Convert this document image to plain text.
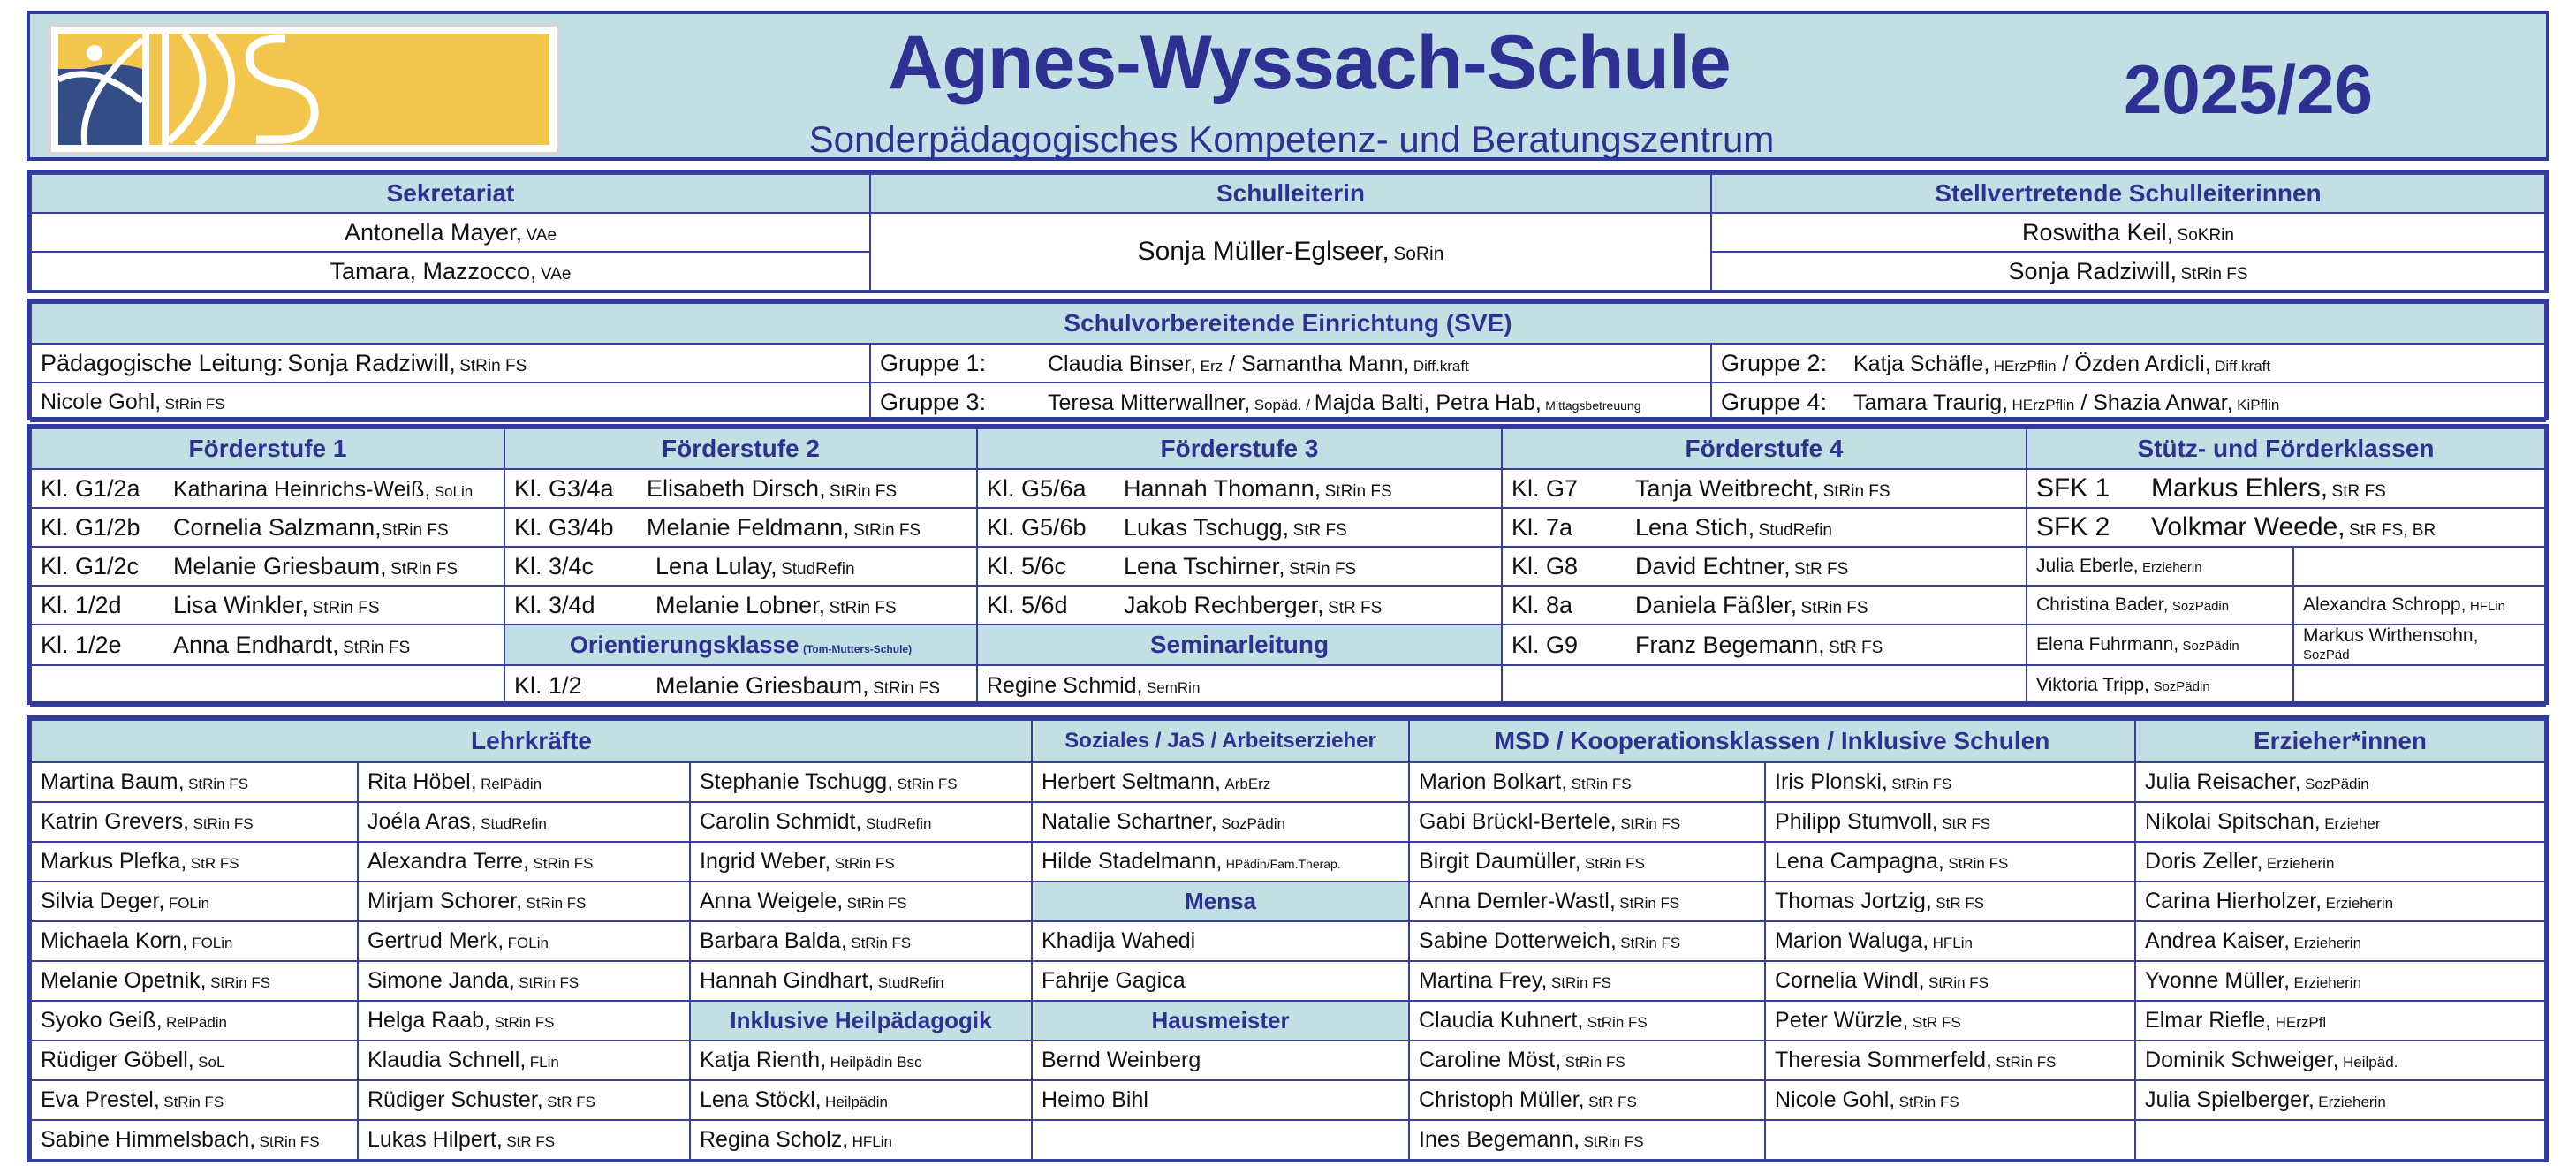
Agnes-Wyssach-Schule
Sonderpädagogisches Kompetenz- und Beratungszentrum
2025/26
Sekretariat	Schulleiterin	Stellvertretende Schulleiterinnen
Antonella Mayer, VAe	Sonja Müller-Eglseer, SoRin	Roswitha Keil, SoKRin
Tamara, Mazzocco, VAe		Sonja Radziwill, StRin FS
Schulvorbereitende Einrichtung (SVE)		
Pädagogische Leitung: Sonja Radziwill, StRin FS	Gruppe 1: Claudia Binser, Erz / Samantha Mann, Diff.kraft	Gruppe 2: Katja Schäfle, HErzPflin / Özden Ardicli, Diff.kraft
Nicole Gohl, StRin FS	Gruppe 3: Teresa Mitterwallner, Sopäd. / Majda Balti, Petra Hab, Mittagsbetreuung	Gruppe 4: Tamara Traurig, HErzPflin / Shazia Anwar, KiPflin
Förderstufe 1	Förderstufe 2	Förderstufe 3	Förderstufe 4	Stütz- und Förderklassen	
Kl. G1/2a Katharina Heinrichs-Weiß, SoLin	Kl. G3/4a Elisabeth Dirsch, StRin FS	Kl. G5/6a Hannah Thomann, StRin FS	Kl. G7 Tanja Weitbrecht, StRin FS	SFK 1 Markus Ehlers, StR FS	
Kl. G1/2b Cornelia Salzmann,StRin FS	Kl. G3/4b Melanie Feldmann, StRin FS	Kl. G5/6b Lukas Tschugg, StR FS	Kl. 7a Lena Stich, StudRefin	SFK 2 Volkmar Weede, StR FS, BR	
Kl. G1/2c Melanie Griesbaum, StRin FS	Kl. 3/4c Lena Lulay, StudRefin	Kl. 5/6c Lena Tschirner, StRin FS	Kl. G8 David Echtner, StR FS	Julia Eberle, Erzieherin	
Kl. 1/2d Lisa Winkler, StRin FS	Kl. 3/4d Melanie Lobner, StRin FS	Kl. 5/6d Jakob Rechberger, StR FS	Kl. 8a Daniela Fäßler, StRin FS	Christina Bader, SozPädin	Alexandra Schropp, HFLin
Kl. 1/2e Anna Endhardt, StRin FS	Orientierungsklasse (Tom-Mutters-Schule)	Seminarleitung	Kl. G9 Franz Begemann, StR FS	Elena Fuhrmann, SozPädin	Markus Wirthensohn,
SozPäd
	Kl. 1/2 Melanie Griesbaum, StRin FS	Regine Schmid, SemRin		Viktoria Tripp, SozPädin	
Lehrkräfte			Soziales / JaS / Arbeitserzieher	MSD / Kooperationsklassen / Inklusive Schulen		Erzieher*innen
Martina Baum, StRin FS	Rita Höbel, RelPädin	Stephanie Tschugg, StRin FS	Herbert Seltmann, ArbErz	Marion Bolkart, StRin FS	Iris Plonski, StRin FS	Julia Reisacher, SozPädin
Katrin Grevers, StRin FS	Joéla Aras, StudRefin	Carolin Schmidt, StudRefin	Natalie Schartner, SozPädin	Gabi Brückl-Bertele, StRin FS	Philipp Stumvoll, StR FS	Nikolai Spitschan, Erzieher
Markus Plefka, StR FS	Alexandra Terre, StRin FS	Ingrid Weber, StRin FS	Hilde Stadelmann, HPädin/Fam.Therap.	Birgit Daumüller, StRin FS	Lena Campagna, StRin FS	Doris Zeller, Erzieherin
Silvia Deger, FOLin	Mirjam Schorer, StRin FS	Anna Weigele, StRin FS	Mensa	Anna Demler-Wastl, StRin FS	Thomas Jortzig, StR FS	Carina Hierholzer, Erzieherin
Michaela Korn, FOLin	Gertrud Merk, FOLin	Barbara Balda, StRin FS	Khadija Wahedi	Sabine Dotterweich, StRin FS	Marion Waluga, HFLin	Andrea Kaiser, Erzieherin
Melanie Opetnik, StRin FS	Simone Janda, StRin FS	Hannah Gindhart, StudRefin	Fahrije Gagica	Martina Frey, StRin FS	Cornelia Windl, StRin FS	Yvonne Müller, Erzieherin
Syoko Geiß, RelPädin	Helga Raab, StRin FS	Inklusive Heilpädagogik	Hausmeister	Claudia Kuhnert, StRin FS	Peter Würzle, StR FS	Elmar Riefle, HErzPfl
Rüdiger Göbell, SoL	Klaudia Schnell, FLin	Katja Rienth, Heilpädin Bsc	Bernd Weinberg	Caroline Möst, StRin FS	Theresia Sommerfeld, StRin FS	Dominik Schweiger, Heilpäd.
Eva Prestel, StRin FS	Rüdiger Schuster, StR FS	Lena Stöckl, Heilpädin	Heimo Bihl	Christoph Müller, StR FS	Nicole Gohl, StRin FS	Julia Spielberger, Erzieherin
Sabine Himmelsbach, StRin FS	Lukas Hilpert, StR FS	Regina Scholz, HFLin		Ines Begemann, StRin FS		
